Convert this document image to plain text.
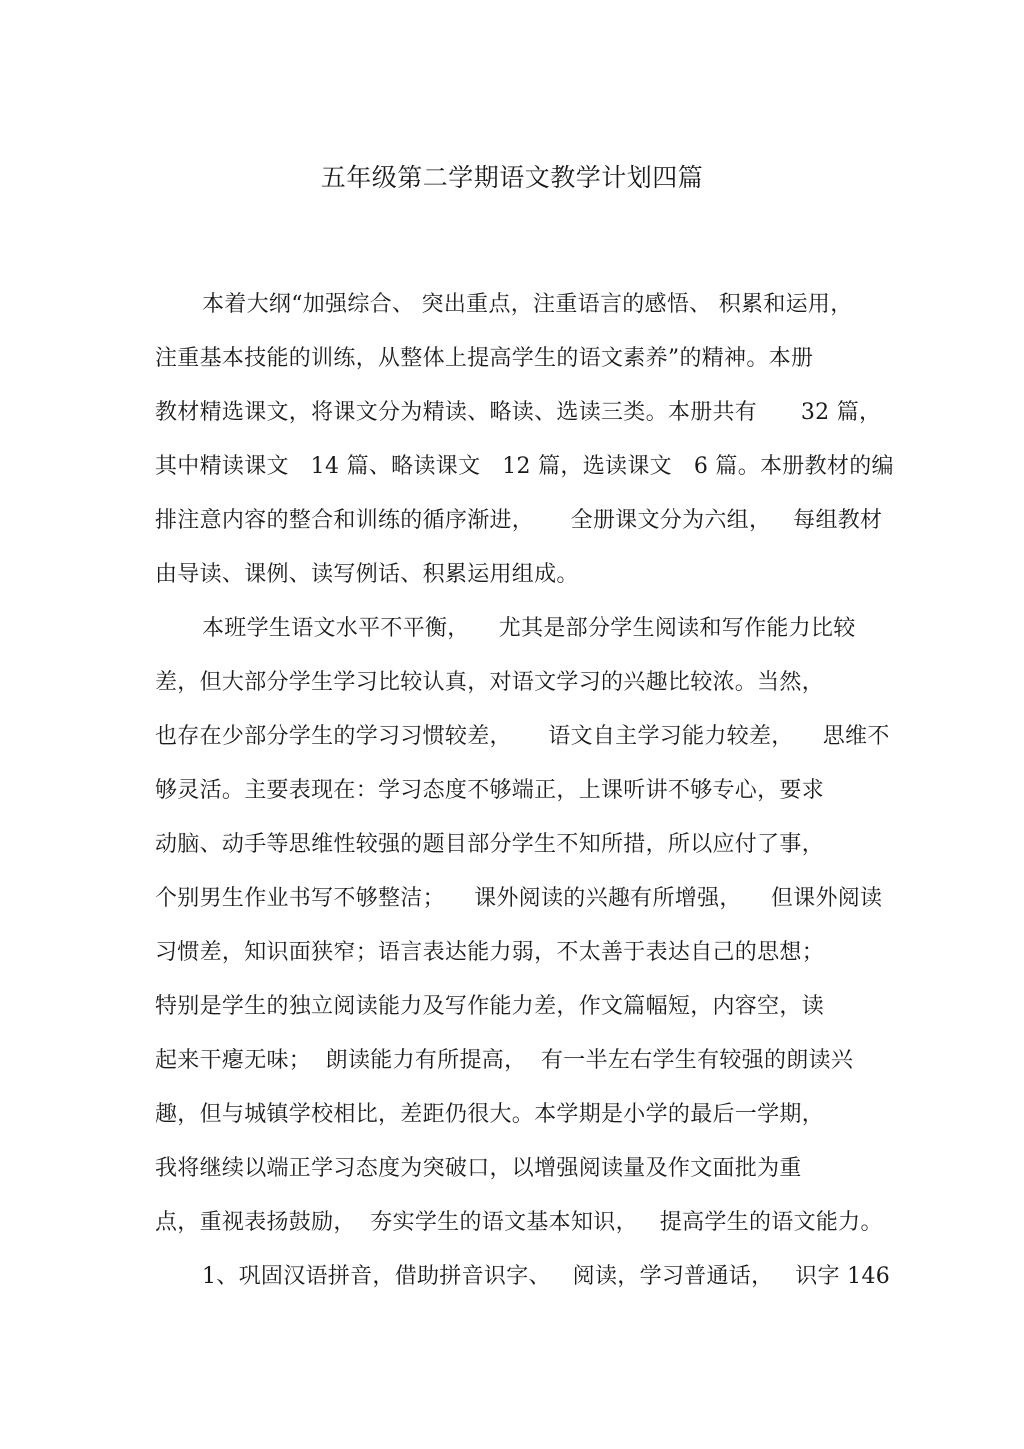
五年级第二学期语文教学计划四篇
本着大纲“加强综合、 突出重点，注重语言的感悟、 积累和运用，
注重基本技能的训练，从整体上提高学生的语文素养”的精神。本册
教材精选课文，将课文分为精读、略读、选读三类。本册共有      32 篇，
其中精读课文   14 篇、略读课文   12 篇，选读课文   6 篇。本册教材的编
排注意内容的整合和训练的循序渐进，     全册课文分为六组，   每组教材
由导读、课例、读写例话、积累运用组成。
本班学生语文水平不平衡，    尤其是部分学生阅读和写作能力比较
差，但大部分学生学习比较认真，对语文学习的兴趣比较浓。当然，
也存在少部分学生的学习习惯较差，     语文自主学习能力较差，    思维不
够灵活。主要表现在：学习态度不够端正，上课听讲不够专心，要求
动脑、动手等思维性较强的题目部分学生不知所措，所以应付了事，
个别男生作业书写不够整洁；    课外阅读的兴趣有所增强，    但课外阅读
习惯差，知识面狭窄；语言表达能力弱，不太善于表达自己的思想；
特别是学生的独立阅读能力及写作能力差，作文篇幅短，内容空，读
起来干瘪无味；  朗读能力有所提高，  有一半左右学生有较强的朗读兴
趣，但与城镇学校相比，差距仍很大。本学期是小学的最后一学期，
我将继续以端正学习态度为突破口，以增强阅读量及作文面批为重
点，重视表扬鼓励，  夯实学生的语文基本知识，   提高学生的语文能力。
1、巩固汉语拼音，借助拼音识字、   阅读，学习普通话，   识字 146
